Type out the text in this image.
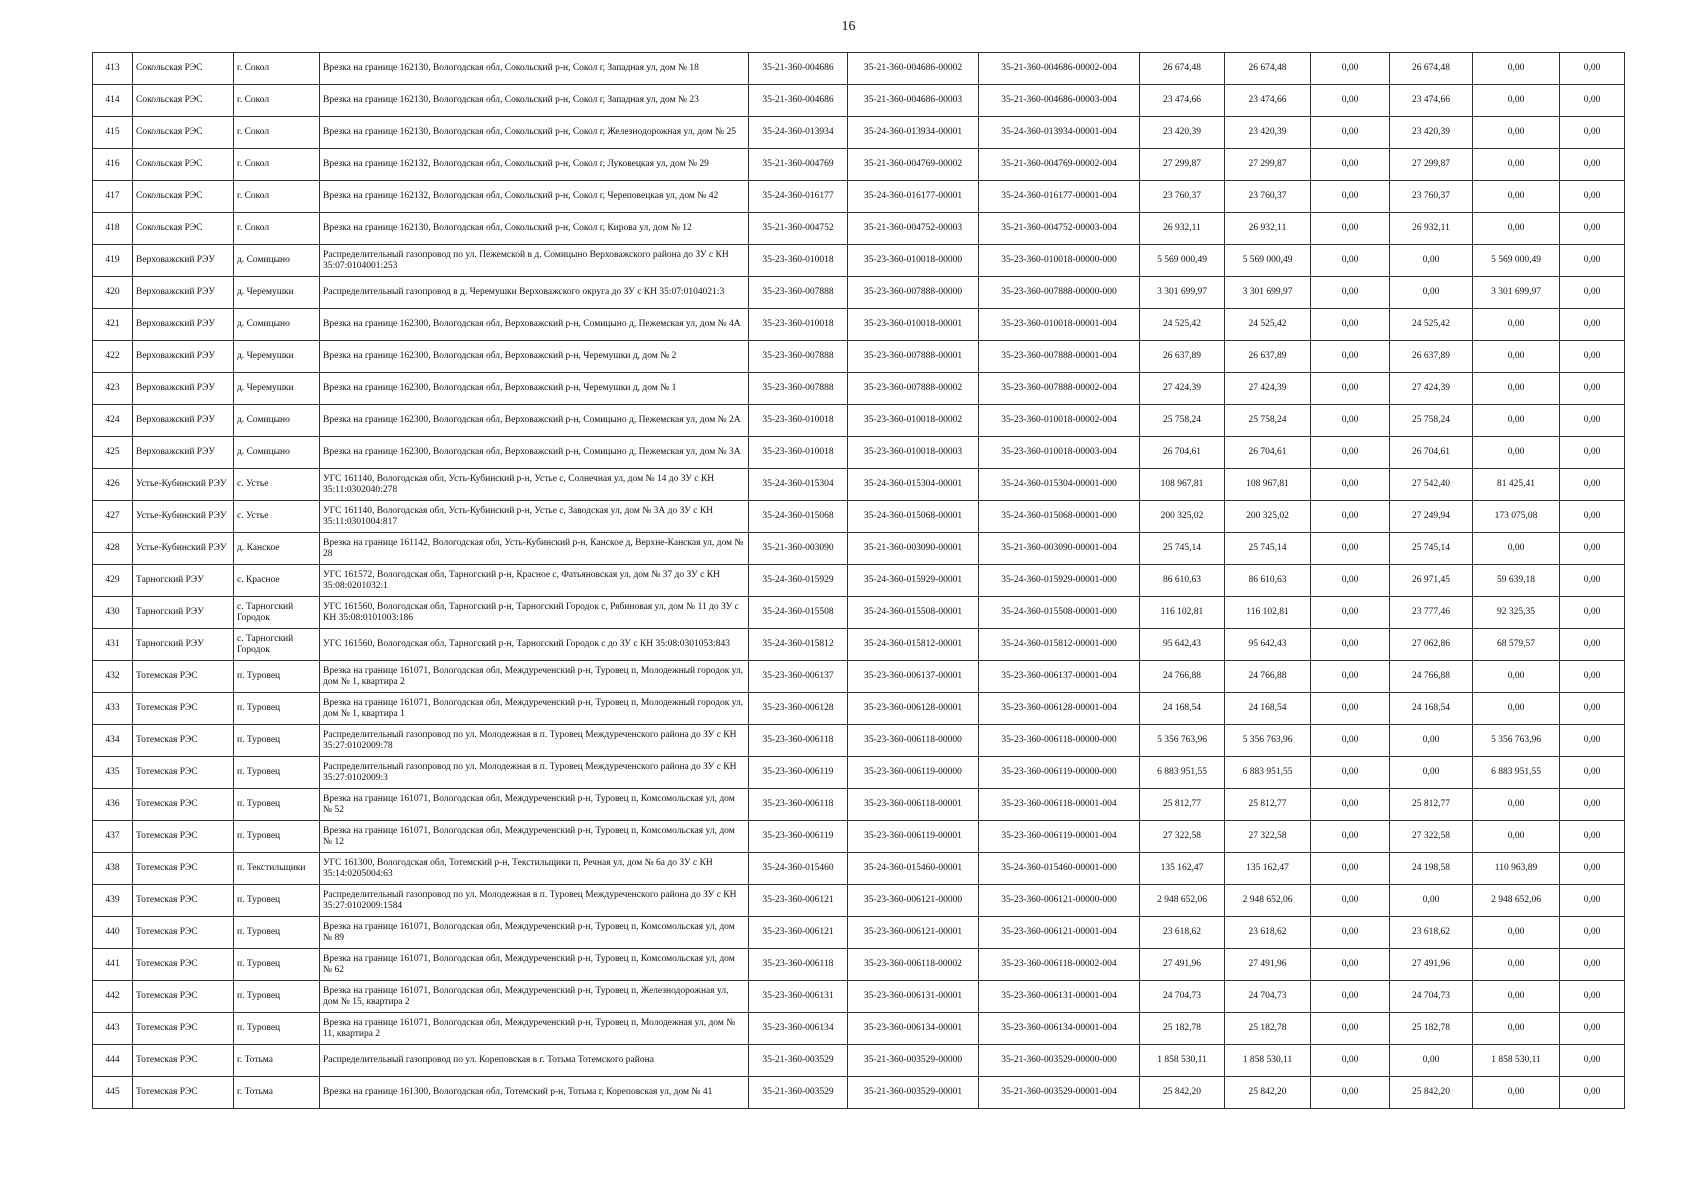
16
413	Сокольская РЭС	г. Сокол	Врезка на границе 162130, Вологодская обл, Сокольский р-н, Сокол г, Западная ул, дом № 18	35-21-360-004686	35-21-360-004686-00002	35-21-360-004686-00002-004	26 674,48	26 674,48	0,00	26 674,48	0,00	0,00
414	Сокольская РЭС	г. Сокол	Врезка на границе 162130, Вологодская обл, Сокольский р-н, Сокол г, Западная ул, дом № 23	35-21-360-004686	35-21-360-004686-00003	35-21-360-004686-00003-004	23 474,66	23 474,66	0,00	23 474,66	0,00	0,00
415	Сокольская РЭС	г. Сокол	Врезка на границе 162130, Вологодская обл, Сокольский р-н, Сокол г, Железнодорожная ул, дом № 25	35-24-360-013934	35-24-360-013934-00001	35-24-360-013934-00001-004	23 420,39	23 420,39	0,00	23 420,39	0,00	0,00
416	Сокольская РЭС	г. Сокол	Врезка на границе 162132, Вологодская обл, Сокольский р-н, Сокол г, Луковецкая ул, дом № 29	35-21-360-004769	35-21-360-004769-00002	35-21-360-004769-00002-004	27 299,87	27 299,87	0,00	27 299,87	0,00	0,00
417	Сокольская РЭС	г. Сокол	Врезка на границе 162132, Вологодская обл, Сокольский р-н, Сокол г, Череповецкая ул, дом № 42	35-24-360-016177	35-24-360-016177-00001	35-24-360-016177-00001-004	23 760,37	23 760,37	0,00	23 760,37	0,00	0,00
418	Сокольская РЭС	г. Сокол	Врезка на границе 162130, Вологодская обл, Сокольский р-н, Сокол г, Кирова ул, дом № 12	35-21-360-004752	35-21-360-004752-00003	35-21-360-004752-00003-004	26 932,11	26 932,11	0,00	26 932,11	0,00	0,00
419	Верховажский РЭУ	д. Сомицыно	Распределительный газопровод по ул. Пежемской в д. Сомицыно Верховажского района до ЗУ с КН 35:07:0104001:253	35-23-360-010018	35-23-360-010018-00000	35-23-360-010018-00000-000	5 569 000,49	5 569 000,49	0,00	0,00	5 569 000,49	0,00
420	Верховажский РЭУ	д. Черемушки	Распределительный газопровод в д. Черемушки Верховажского округа до ЗУ с КН 35:07:0104021:3	35-23-360-007888	35-23-360-007888-00000	35-23-360-007888-00000-000	3 301 699,97	3 301 699,97	0,00	0,00	3 301 699,97	0,00
421	Верховажский РЭУ	д. Сомицыно	Врезка на границе 162300, Вологодская обл, Верховажский р-н, Сомицыно д, Пежемская ул, дом № 4А	35-23-360-010018	35-23-360-010018-00001	35-23-360-010018-00001-004	24 525,42	24 525,42	0,00	24 525,42	0,00	0,00
422	Верховажский РЭУ	д. Черемушки	Врезка на границе 162300, Вологодская обл, Верховажский р-н, Черемушки д, дом № 2	35-23-360-007888	35-23-360-007888-00001	35-23-360-007888-00001-004	26 637,89	26 637,89	0,00	26 637,89	0,00	0,00
423	Верховажский РЭУ	д. Черемушки	Врезка на границе 162300, Вологодская обл, Верховажский р-н, Черемушки д, дом № 1	35-23-360-007888	35-23-360-007888-00002	35-23-360-007888-00002-004	27 424,39	27 424,39	0,00	27 424,39	0,00	0,00
424	Верховажский РЭУ	д. Сомицыно	Врезка на границе 162300, Вологодская обл, Верховажский р-н, Сомицыно д, Пежемская ул, дом № 2А	35-23-360-010018	35-23-360-010018-00002	35-23-360-010018-00002-004	25 758,24	25 758,24	0,00	25 758,24	0,00	0,00
425	Верховажский РЭУ	д. Сомицыно	Врезка на границе 162300, Вологодская обл, Верховажский р-н, Сомицыно д, Пежемская ул, дом № 3А	35-23-360-010018	35-23-360-010018-00003	35-23-360-010018-00003-004	26 704,61	26 704,61	0,00	26 704,61	0,00	0,00
426	Устье-Кубинский РЭУ	с. Устье	УГС 161140, Вологодская обл, Усть-Кубинский р-н, Устье с, Солнечная ул, дом № 14 до ЗУ с КН 35:11:0302040:278	35-24-360-015304	35-24-360-015304-00001	35-24-360-015304-00001-000	108 967,81	108 967,81	0,00	27 542,40	81 425,41	0,00
427	Устье-Кубинский РЭУ	с. Устье	УГС 161140, Вологодская обл, Усть-Кубинский р-н, Устье с, Заводская ул, дом № 3А до ЗУ с КН 35:11:0301004:817	35-24-360-015068	35-24-360-015068-00001	35-24-360-015068-00001-000	200 325,02	200 325,02	0,00	27 249,94	173 075,08	0,00
428	Устье-Кубинский РЭУ	д. Канское	Врезка на границе 161142, Вологодская обл, Усть-Кубинский р-н, Канское д, Верхне-Канская ул, дом № 28	35-21-360-003090	35-21-360-003090-00001	35-21-360-003090-00001-004	25 745,14	25 745,14	0,00	25 745,14	0,00	0,00
429	Тарногский РЭУ	с. Красное	УГС 161572, Вологодская обл, Тарногский р-н, Красное с, Фатьяновская ул, дом № 37 до ЗУ с КН 35:08:0201032:1	35-24-360-015929	35-24-360-015929-00001	35-24-360-015929-00001-000	86 610,63	86 610,63	0,00	26 971,45	59 639,18	0,00
430	Тарногский РЭУ	с. Тарногский Городок	УГС 161560, Вологодская обл, Тарногский р-н, Тарногский Городок с, Рябиновая ул, дом № 11 до ЗУ с КН 35:08:0101003:186	35-24-360-015508	35-24-360-015508-00001	35-24-360-015508-00001-000	116 102,81	116 102,81	0,00	23 777,46	92 325,35	0,00
431	Тарногский РЭУ	с. Тарногский Городок	УГС 161560, Вологодская обл, Тарногский р-н, Тарногский Городок с до ЗУ с КН 35:08:0301053:843	35-24-360-015812	35-24-360-015812-00001	35-24-360-015812-00001-000	95 642,43	95 642,43	0,00	27 062,86	68 579,57	0,00
432	Тотемская РЭС	п. Туровец	Врезка на границе 161071, Вологодская обл, Междуреченский р-н, Туровец п, Молодежный городок ул, дом № 1, квартира 2	35-23-360-006137	35-23-360-006137-00001	35-23-360-006137-00001-004	24 766,88	24 766,88	0,00	24 766,88	0,00	0,00
433	Тотемская РЭС	п. Туровец	Врезка на границе 161071, Вологодская обл, Междуреченский р-н, Туровец п, Молодежный городок ул, дом № 1, квартира 1	35-23-360-006128	35-23-360-006128-00001	35-23-360-006128-00001-004	24 168,54	24 168,54	0,00	24 168,54	0,00	0,00
434	Тотемская РЭС	п. Туровец	Распределительный газопровод по ул. Молодежная в п. Туровец Междуреченского района до ЗУ с КН 35:27:0102009:78	35-23-360-006118	35-23-360-006118-00000	35-23-360-006118-00000-000	5 356 763,96	5 356 763,96	0,00	0,00	5 356 763,96	0,00
435	Тотемская РЭС	п. Туровец	Распределительный газопровод по ул. Молодежная в п. Туровец Междуреченского района до ЗУ с КН 35:27:0102009:3	35-23-360-006119	35-23-360-006119-00000	35-23-360-006119-00000-000	6 883 951,55	6 883 951,55	0,00	0,00	6 883 951,55	0,00
436	Тотемская РЭС	п. Туровец	Врезка на границе 161071, Вологодская обл, Междуреченский р-н, Туровец п, Комсомольская ул, дом № 52	35-23-360-006118	35-23-360-006118-00001	35-23-360-006118-00001-004	25 812,77	25 812,77	0,00	25 812,77	0,00	0,00
437	Тотемская РЭС	п. Туровец	Врезка на границе 161071, Вологодская обл, Междуреченский р-н, Туровец п, Комсомольская ул, дом № 12	35-23-360-006119	35-23-360-006119-00001	35-23-360-006119-00001-004	27 322,58	27 322,58	0,00	27 322,58	0,00	0,00
438	Тотемская РЭС	п. Текстильщики	УГС 161300, Вологодская обл, Тотемский р-н, Текстильщики п, Речная ул, дом № 6а до ЗУ с КН 35:14:0205004:63	35-24-360-015460	35-24-360-015460-00001	35-24-360-015460-00001-000	135 162,47	135 162,47	0,00	24 198,58	110 963,89	0,00
439	Тотемская РЭС	п. Туровец	Распределительный газопровод по ул. Молодежная в п. Туровец Междуреченского района до ЗУ с КН 35:27:0102009:1584	35-23-360-006121	35-23-360-006121-00000	35-23-360-006121-00000-000	2 948 652,06	2 948 652,06	0,00	0,00	2 948 652,06	0,00
440	Тотемская РЭС	п. Туровец	Врезка на границе 161071, Вологодская обл, Междуреченский р-н, Туровец п, Комсомольская ул, дом № 89	35-23-360-006121	35-23-360-006121-00001	35-23-360-006121-00001-004	23 618,62	23 618,62	0,00	23 618,62	0,00	0,00
441	Тотемская РЭС	п. Туровец	Врезка на границе 161071, Вологодская обл, Междуреченский р-н, Туровец п, Комсомольская ул, дом № 62	35-23-360-006118	35-23-360-006118-00002	35-23-360-006118-00002-004	27 491,96	27 491,96	0,00	27 491,96	0,00	0,00
442	Тотемская РЭС	п. Туровец	Врезка на границе 161071, Вологодская обл, Междуреченский р-н, Туровец п, Железнодорожная ул, дом № 15, квартира 2	35-23-360-006131	35-23-360-006131-00001	35-23-360-006131-00001-004	24 704,73	24 704,73	0,00	24 704,73	0,00	0,00
443	Тотемская РЭС	п. Туровец	Врезка на границе 161071, Вологодская обл, Междуреченский р-н, Туровец п, Молодежная ул, дом № 11, квартира 2	35-23-360-006134	35-23-360-006134-00001	35-23-360-006134-00001-004	25 182,78	25 182,78	0,00	25 182,78	0,00	0,00
444	Тотемская РЭС	г. Тотьма	Распределительный газопровод по ул. Кореповская в г. Тотьма Тотемского района	35-21-360-003529	35-21-360-003529-00000	35-21-360-003529-00000-000	1 858 530,11	1 858 530,11	0,00	0,00	1 858 530,11	0,00
445	Тотемская РЭС	г. Тотьма	Врезка на границе 161300, Вологодская обл, Тотемский р-н, Тотьма г, Кореповская ул, дом № 41	35-21-360-003529	35-21-360-003529-00001	35-21-360-003529-00001-004	25 842,20	25 842,20	0,00	25 842,20	0,00	0,00
